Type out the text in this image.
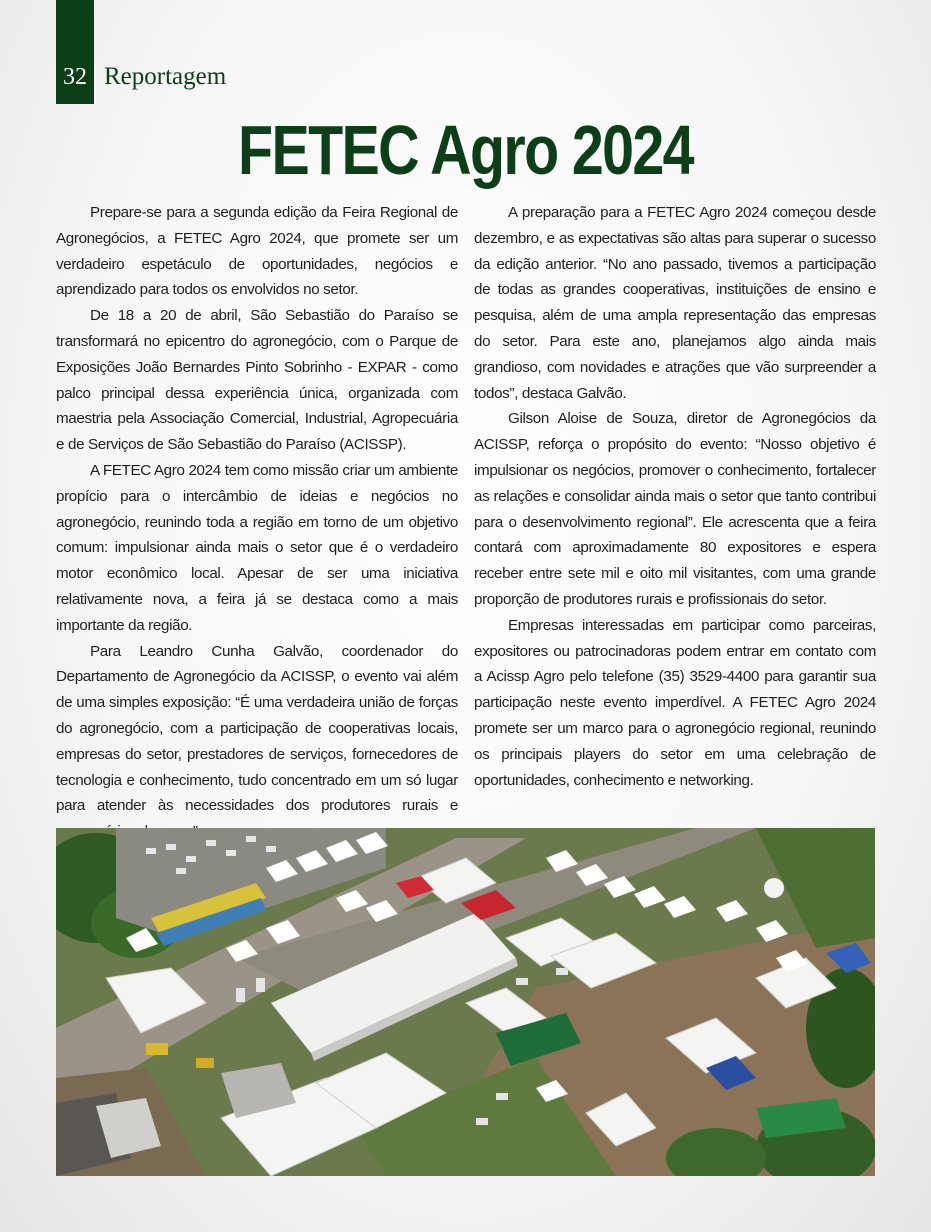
32 Reportagem
FETEC Agro 2024

Prepare-se para a segunda edição da Feira Regional de Agronegócios, a FETEC Agro 2024, que promete ser um verdadeiro espetáculo de oportunidades, negócios e aprendizado para todos os envolvidos no setor.

De 18 a 20 de abril, São Sebastião do Paraíso se transformará no epicentro do agronegócio, com o Parque de Exposições João Bernardes Pinto Sobrinho - EXPAR - como palco principal dessa experiência única, organizada com maestria pela Associação Comercial, Industrial, Agropecuária e de Serviços de São Sebastião do Paraíso (ACISSP).

A FETEC Agro 2024 tem como missão criar um ambiente propício para o intercâmbio de ideias e negócios no agronegócio, reunindo toda a região em torno de um objetivo comum: impulsionar ainda mais o setor que é o verdadeiro motor econômico local. Apesar de ser uma iniciativa relativamente nova, a feira já se destaca como a mais importante da região.

Para Leandro Cunha Galvão, coordenador do Departamento de Agronegócio da ACISSP, o evento vai além de uma simples exposição: “É uma verdadeira união de forças do agronegócio, com a participação de cooperativas locais, empresas do setor, prestadores de serviços, fornecedores de tecnologia e conhecimento, tudo concentrado em um só lugar para atender às necessidades dos produtores rurais e

A preparação para a FETEC Agro 2024 começou desde dezembro, e as expectativas são altas para superar o sucesso da edição anterior. “No ano passado, tivemos a participação de todas as grandes cooperativas, instituições de ensino e pesquisa, além de uma ampla representação das empresas do setor. Para este ano, planejamos algo ainda mais grandioso, com novidades e atrações que vão surpreender a todos”, destaca Galvão.

Gilson Aloise de Souza, diretor de Agronegócios da ACISSP, reforça o propósito do evento: “Nosso objetivo é impulsionar os negócios, promover o conhecimento, fortalecer as relações e consolidar ainda mais o setor que tanto contribui para o desenvolvimento regional”. Ele acrescenta que a feira contará com aproximadamente 80 expositores e espera receber entre sete mil e oito mil visitantes, com uma grande proporção de produtores rurais e profissionais do setor.

Empresas interessadas em participar como parceiras, expositores ou patrocinadoras podem entrar em contato com a Acissp Agro pelo telefone (35) 3529-4400 para garantir sua participação neste evento imperdível. A FETEC Agro 2024 promete ser um marco para o agronegócio regional, reunindo os principais players do setor em uma celebração de oportunidades, conhecimento e networking.
